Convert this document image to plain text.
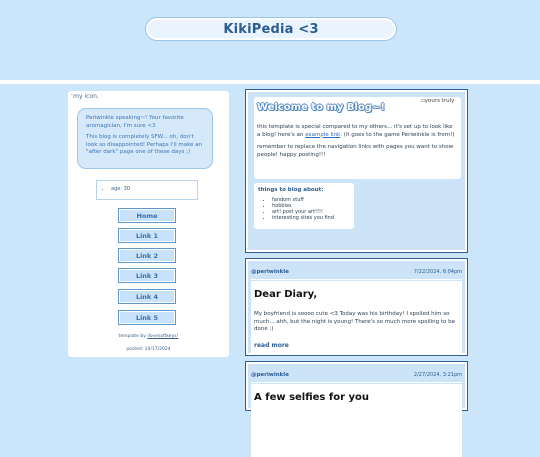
KikiPedia <3
⁻my icon.

Periwinkle speaking~! Your favorite aromagician, I'm sure <3

This blog is completely SFW... oh, don't look so disappointed! Perhaps I'll make an "after dark" page one of these days ;)

• age: 30
Home
Link 1
Link 2
Link 3
Link 4
Link 5
template by ilovesoftkeys!
posted: 10/17/2024
Welcome to my Blog~!
▫yours truly

this template is special compared to my others... it's set up to look like a blog! here's an example link. (it goes to the game Periwinkle is from!)

remember to replace the navigation links with pages you want to show people! happy posting!!!

things to blog about:
• fandom stuff
• hobbies
• art! post your art!!!!
• interesting sites you find
@periwinkle	7/22/2024, 6:04pm
Dear Diary,
My boyfriend is soooo cute <3 Today was his birthday! I spoiled him so much... ahh, but the night is young! There's so much more spoiling to be done ;)
read more
@periwinkle	2/27/2024, 3:21pm
A few selfies for you
